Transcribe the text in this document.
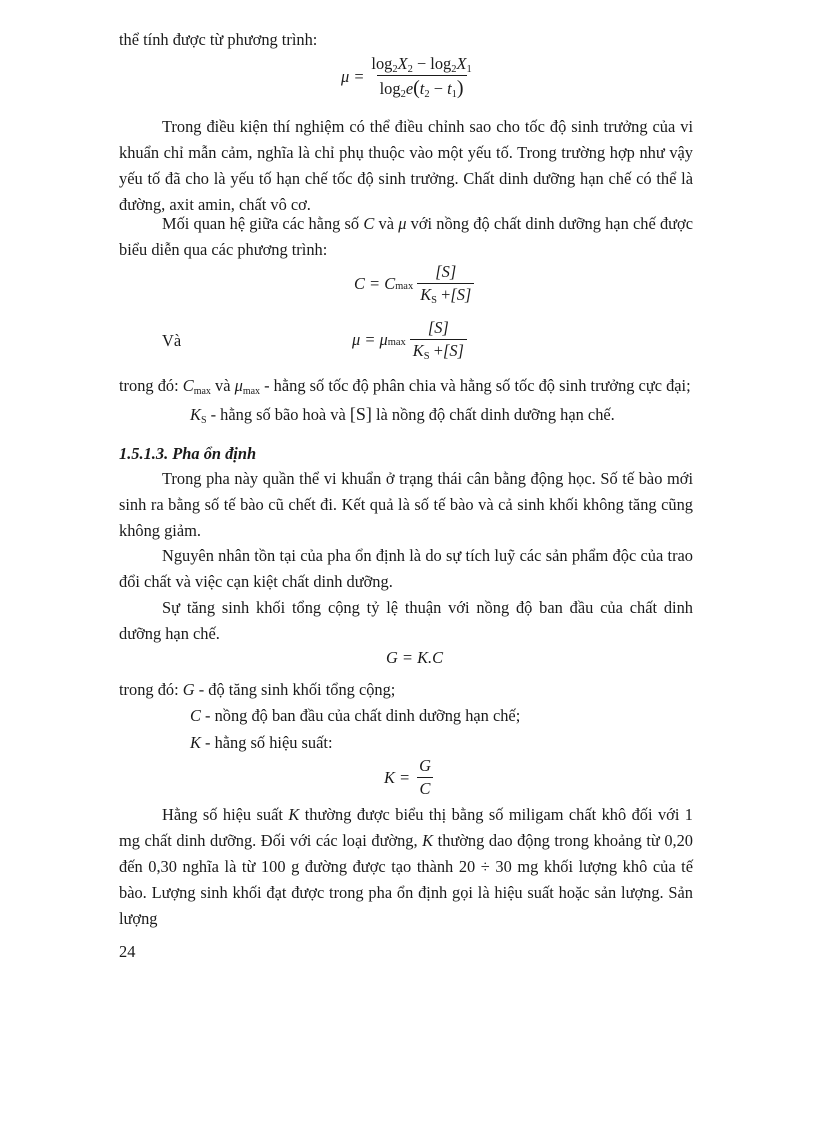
thể tính được từ phương trình:

$\mu = \frac{\log 2X2 - \log 2X1}{\log 2e(t2 - t1)}$

Trong điều kiện thí nghiệm có thể điều chỉnh sao cho tốc độ sinh trưởng của vi khuẩn chỉ mẫn cảm, nghĩa là chỉ phụ thuộc vào một yếu tố. Trong trường hợp như vậy yếu tố đã cho là yếu tố hạn chế tốc độ sinh trưởng. Chất dinh dưỡng hạn chế có thể là đường, axit amin, chất vô cơ.

Mối quan hệ giữa các hằng số C và μ với nồng độ chất dinh dưỡng hạn chế được biểu diễn qua các phương trình:

C = C $\max \frac{[S]}{KS +[S]}$

Và	μ = μ $\max \frac{[S]}{KS +[S]}$

trong đó: Cmax và μmax - hằng số tốc độ phân chia và hằng số tốc độ sinh trưởng cực đại;

KS - hằng số bão hoà và [S] là nồng độ chất dinh dưỡng hạn chế.

1.5.1.3. Pha ổn định

Trong pha này quần thể vi khuẩn ở trạng thái cân bằng động học. Số tế bào mới sinh ra bằng số tế bào cũ chết đi. Kết quả là số tế bào và cả sinh khối không tăng cũng không giảm.

Nguyên nhân tồn tại của pha ổn định là do sự tích luỹ các sản phẩm độc của trao đổi chất và việc cạn kiệt chất dinh dưỡng.

Sự tăng sinh khối tổng cộng tỷ lệ thuận với nồng độ ban đầu của chất dinh dưỡng hạn chế.

G = K.C

trong đó: G - độ tăng sinh khối tổng cộng;

C - nồng độ ban đầu của chất dinh dưỡng hạn chế;

K - hằng số hiệu suất:

$K = \frac{G}{C}$

Hằng số hiệu suất K thường được biểu thị bằng số miligam chất khô đối với 1 mg chất dinh dưỡng. Đối với các loại đường, K thường dao động trong khoảng từ 0,20 đến 0,30 nghĩa là từ 100 g đường được tạo thành 20 ÷ 30 mg khối lượng khô của tế bào. Lượng sinh khối đạt được trong pha ổn định gọi là hiệu suất hoặc sản lượng. Sản lượng

24
